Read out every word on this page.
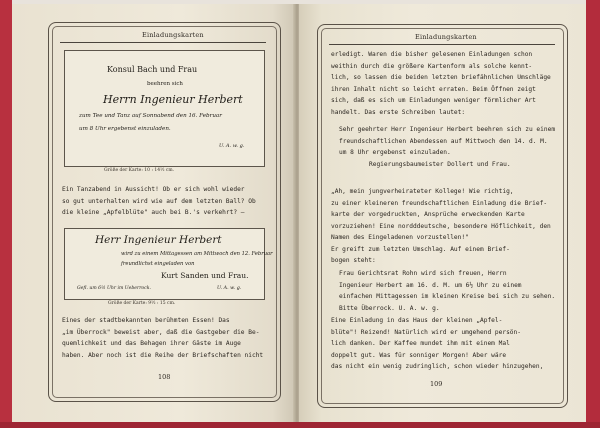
Einladungskarten
Konsul Bach und Frau
beehren sich
Herrn Ingenieur Herbert
zum Tee und Tanz auf Sonnabend den 16. Februar
um 8 Uhr ergebenst einzuladen.
U. A. w. g.
Größe der Karte: 10 : 14½ cm.
Ein Tanzabend in Aussicht! Ob er sich wohl wieder
so gut unterhalten wird wie auf dem letzten Ball? Ob
die kleine „Apfelblüte" auch bei B.'s verkehrt? —
Herr Ingenieur Herbert
wird zu einem Mittagessen am Mittwoch den 12. Februar
freundlichst eingeladen von
Kurt Sanden und Frau.
Gefl. um 6½ Uhr im Ueberrock.	U. A. w. g.
Größe der Karte: 9½ : 15 cm.
Eines der stadtbekannten berühmten Essen! Das
„im Überrock" beweist aber, daß die Gastgeber die Be-
quemlichkeit und das Behagen ihrer Gäste im Auge
haben. Aber noch ist die Reihe der Briefschaften nicht
108
Einladungskarten
erledigt. Waren die bisher gelesenen Einladungen schon
weithin durch die größere Kartenform als solche kennt-
lich, so lassen die beiden letzten briefähnlichen Umschläge
ihren Inhalt nicht so leicht erraten. Beim Öffnen zeigt
sich, daß es sich um Einladungen weniger förmlicher Art
handelt. Das erste Schreiben lautet:
Sehr geehrter Herr Ingenieur Herbert beehren sich zu einem
freundschaftlichen Abendessen auf Mittwoch den 14. d. M.
um 8 Uhr ergebenst einzuladen.
Regierungsbaumeister Dollert und Frau.
„Ah, mein jungverheirateter Kollege! Wie richtig,
zu einer kleineren freundschaftlichen Einladung die Brief-
karte der vorgedruckten, Ansprüche erweckenden Karte
vorzuziehen! Eine nordddeutsche, besondere Höflichkeit, den
Namen des Eingeladenen vorzustellen!"
Er greift zum letzten Umschlag. Auf einem Brief-
bogen steht:
Frau Gerichtsrat Rohn wird sich freuen, Herrn
Ingenieur Herbert am 16. d. M. um 6½ Uhr zu einem
einfachen Mittagessen im kleinen Kreise bei sich zu sehen.
Bitte Überrock. U. A. w. g.
Eine Einladung in das Haus der kleinen „Apfel-
blüte"! Reizend! Natürlich wird er umgehend persön-
lich danken. Der Kaffee mundet ihm mit einem Mal
doppelt gut. Was für sonniger Morgen! Aber wäre
das nicht ein wenig zudringlich, schon wieder hinzugehen,
109
